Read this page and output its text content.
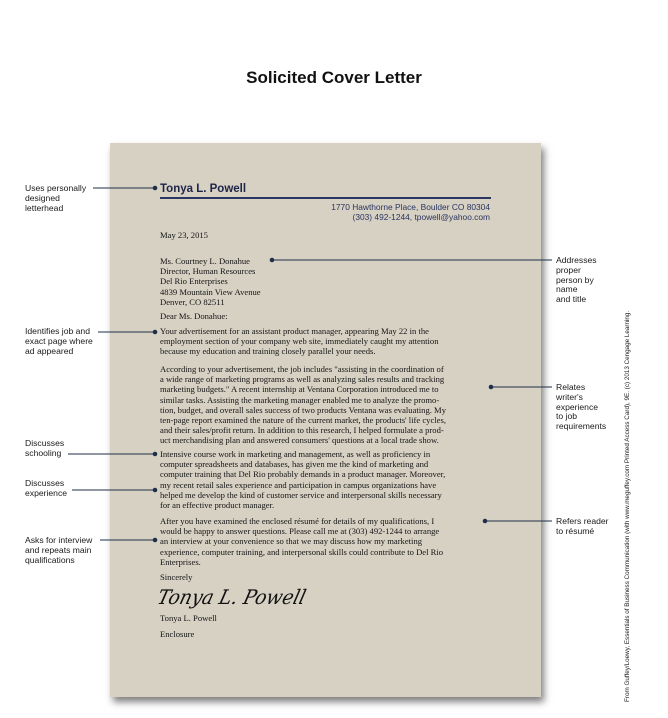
Solicited Cover Letter
Tonya L. Powell
1770 Hawthorne Place, Boulder CO 80304
(303) 492-1244, tpowell@yahoo.com
May 23, 2015
Ms. Courtney L. Donahue
Director, Human Resources
Del Rio Enterprises
4839 Mountain View Avenue
Denver, CO 82511
Dear Ms. Donahue:
Your advertisement for an assistant product manager, appearing May 22 in the
employment section of your company web site, immediately caught my attention
because my education and training closely parallel your needs.
According to your advertisement, the job includes "assisting in the coordination of
a wide range of marketing programs as well as analyzing sales results and tracking
marketing budgets." A recent internship at Ventana Corporation introduced me to
similar tasks. Assisting the marketing manager enabled me to analyze the promo-
tion, budget, and overall sales success of two products Ventana was evaluating. My
ten-page report examined the nature of the current market, the products' life cycles,
and their sales/profit return. In addition to this research, I helped formulate a prod-
uct merchandising plan and answered consumers' questions at a local trade show.
Intensive course work in marketing and management, as well as proficiency in
computer spreadsheets and databases, has given me the kind of marketing and
computer training that Del Rio probably demands in a product manager. Moreover,
my recent retail sales experience and participation in campus organizations have
helped me develop the kind of customer service and interpersonal skills necessary
for an effective product manager.
After you have examined the enclosed résumé for details of my qualifications, I
would be happy to answer questions. Please call me at (303) 492-1244 to arrange
an interview at your convenience so that we may discuss how my marketing
experience, computer training, and interpersonal skills could contribute to Del Rio
Enterprises.
Sincerely
Tonya L. Powell
Tonya L. Powell
Enclosure
Uses personally
designed
letterhead
Identifies job and
exact page where
ad appeared
Discusses
schooling
Discusses
experience
Asks for interview
and repeats main
qualifications
Addresses
proper
person by
name
and title
Relates
writer's
experience
to job
requirements
Refers reader
to résumé	From Guffey/Loewy, Essentials of Business Communication (with www.meguffey.com Printed Access Card), 9E. (c) 2013 Cengage Learning.
